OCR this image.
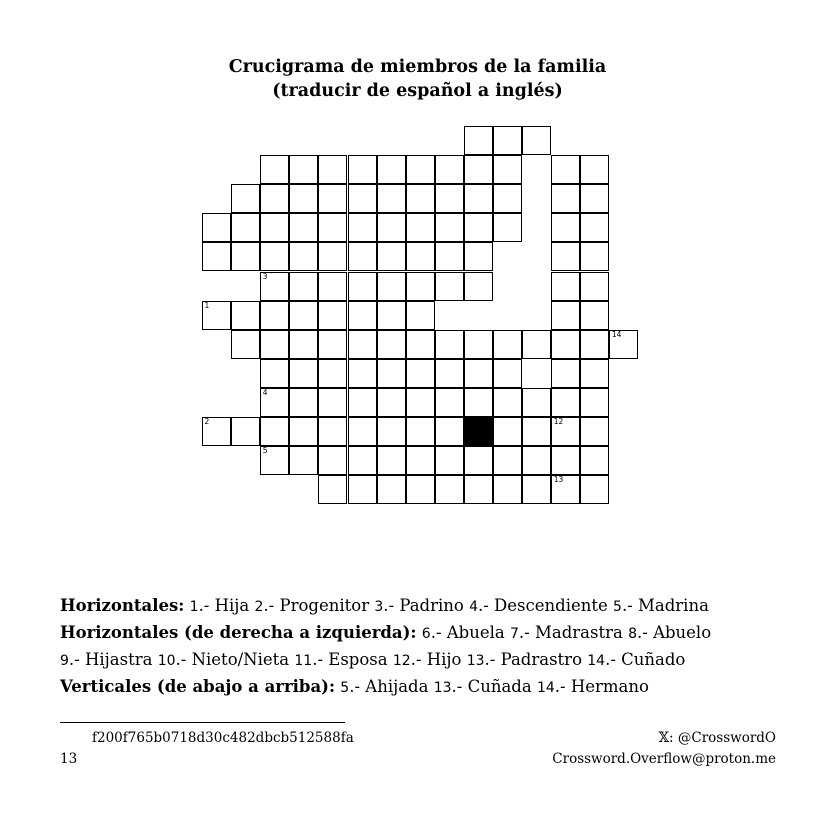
Crucigrama de miembros de la familia
(traducir de español a inglés)
3
1
14
4
2	12
5
13
Horizontales: 1.- Hija 2.- Progenitor 3.- Padrino 4.- Descendiente 5.- Madrina
Horizontales (de derecha a izquierda): 6.- Abuela 7.- Madrastra 8.- Abuelo
9.- Hijastra 10.- Nieto/Nieta 11.- Esposa 12.- Hijo 13.- Padrastro 14.- Cuñado
Verticales (de abajo a arriba): 5.- Ahijada 13.- Cuñada 14.- Hermano
f200f765b0718d30c482dbcb512588fa
13
𝕏: @CrosswordO
Crossword.Overflow@proton.me
